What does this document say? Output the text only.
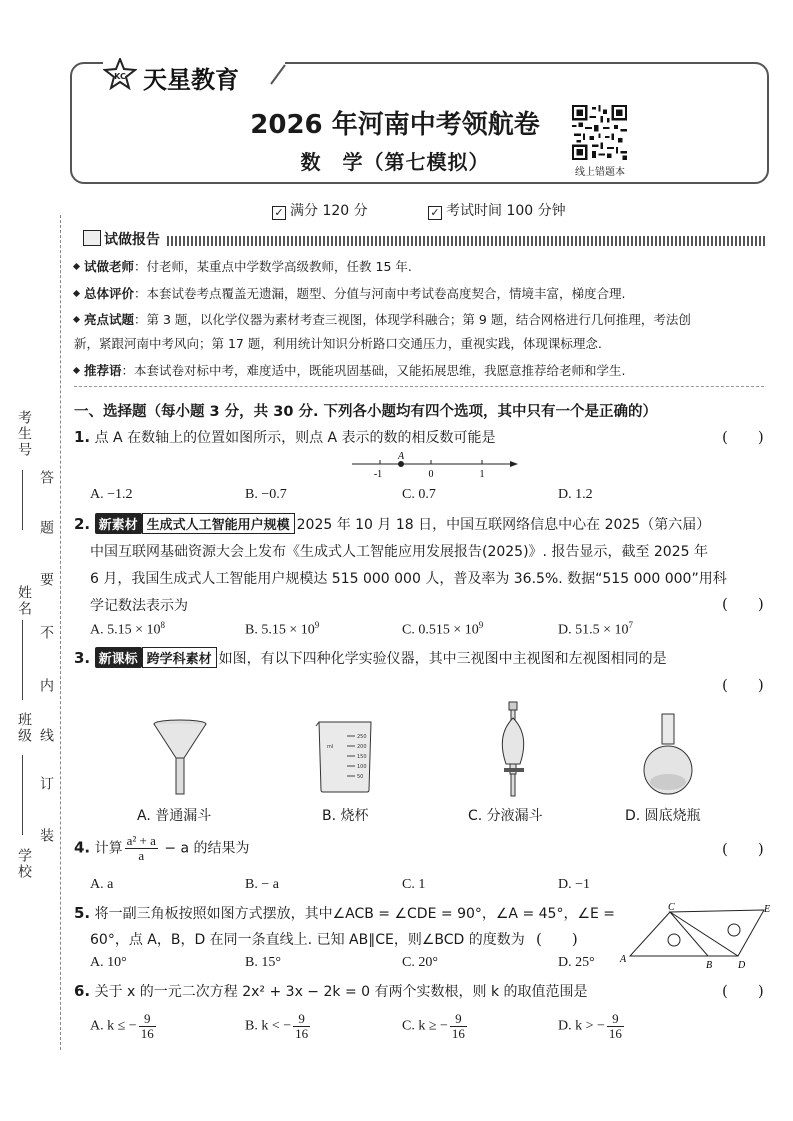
考生号
姓名
班级
学校
答
题
要
不
内
线
订
装
KC 天星教育
2026 年河南中考领航卷
数　学（第七模拟）	线上错题本
✓ 满分 120 分	✓ 考试时间 100 分钟
试做报告
试做老师：付老师，某重点中学数学高级教师，任教 15 年.
总体评价：本套试卷考点覆盖无遗漏，题型、分值与河南中考试卷高度契合，情境丰富，梯度合理.
亮点试题：第 3 题，以化学仪器为素材考查三视图，体现学科融合；第 9 题，结合网格进行几何推理，考法创
新，紧跟河南中考风向；第 17 题，利用统计知识分析路口交通压力，重视实践，体现课标理念.
推荐语：本套试卷对标中考，难度适中，既能巩固基础，又能拓展思维，我愿意推荐给老师和学生.
一、选择题（每小题 3 分，共 30 分. 下列各小题均有四个选项，其中只有一个是正确的）
1. 点 A 在数轴上的位置如图所示，则点 A 表示的数的相反数可能是	(　　)
A
-1	0	1
A. −1.2	B. −0.7	C. 0.7	D. 1.2
2. 新素材 生成式人工智能用户规模 2025 年 10 月 18 日，中国互联网络信息中心在 2025（第六届）
中国互联网基础资源大会上发布《生成式人工智能应用发展报告(2025)》. 报告显示，截至 2025 年
6 月，我国生成式人工智能用户规模达 515 000 000 人，普及率为 36.5%. 数据“515 000 000”用科
学记数法表示为	(　　)
A. $5.15 \times 10^8$	B. $5.15 \times 10^9$	C. $0.515 \times 10^9$	D. $51.5 \times 10^7$
3. 新课标 跨学科素材 如图，有以下四种化学实验仪器，其中三视图中主视图和左视图相同的是
(　　)
250
200
150
100
50
ml
A. 普通漏斗	B. 烧杯	C. 分液漏斗	D. 圆底烧瓶
4. 计算 $\frac{\text{a² + a}}{a} - a$ 的结果为	(　　)
A. a	B. − a	C. 1	D. −1
5. 将一副三角板按照如图方式摆放，其中∠ACB = ∠CDE = 90°，∠A = 45°，∠E =
60°，点 A，B，D 在同一条直线上. 已知 AB∥CE，则∠BCD 的度数为 (　　)
A. 10°	B. 15°	C. 20°	D. 25°
C	E
A
B	D
6. 关于 x 的一元二次方程 2x² + 3x − 2k = 0 有两个实数根，则 k 的取值范围是	(　　)
A. k ≤ − $\frac{9}{16}$	B. k < − $\frac{9}{16}$	C. k ≥ − $\frac{9}{16}$	D. k > − $\frac{9}{16}$
